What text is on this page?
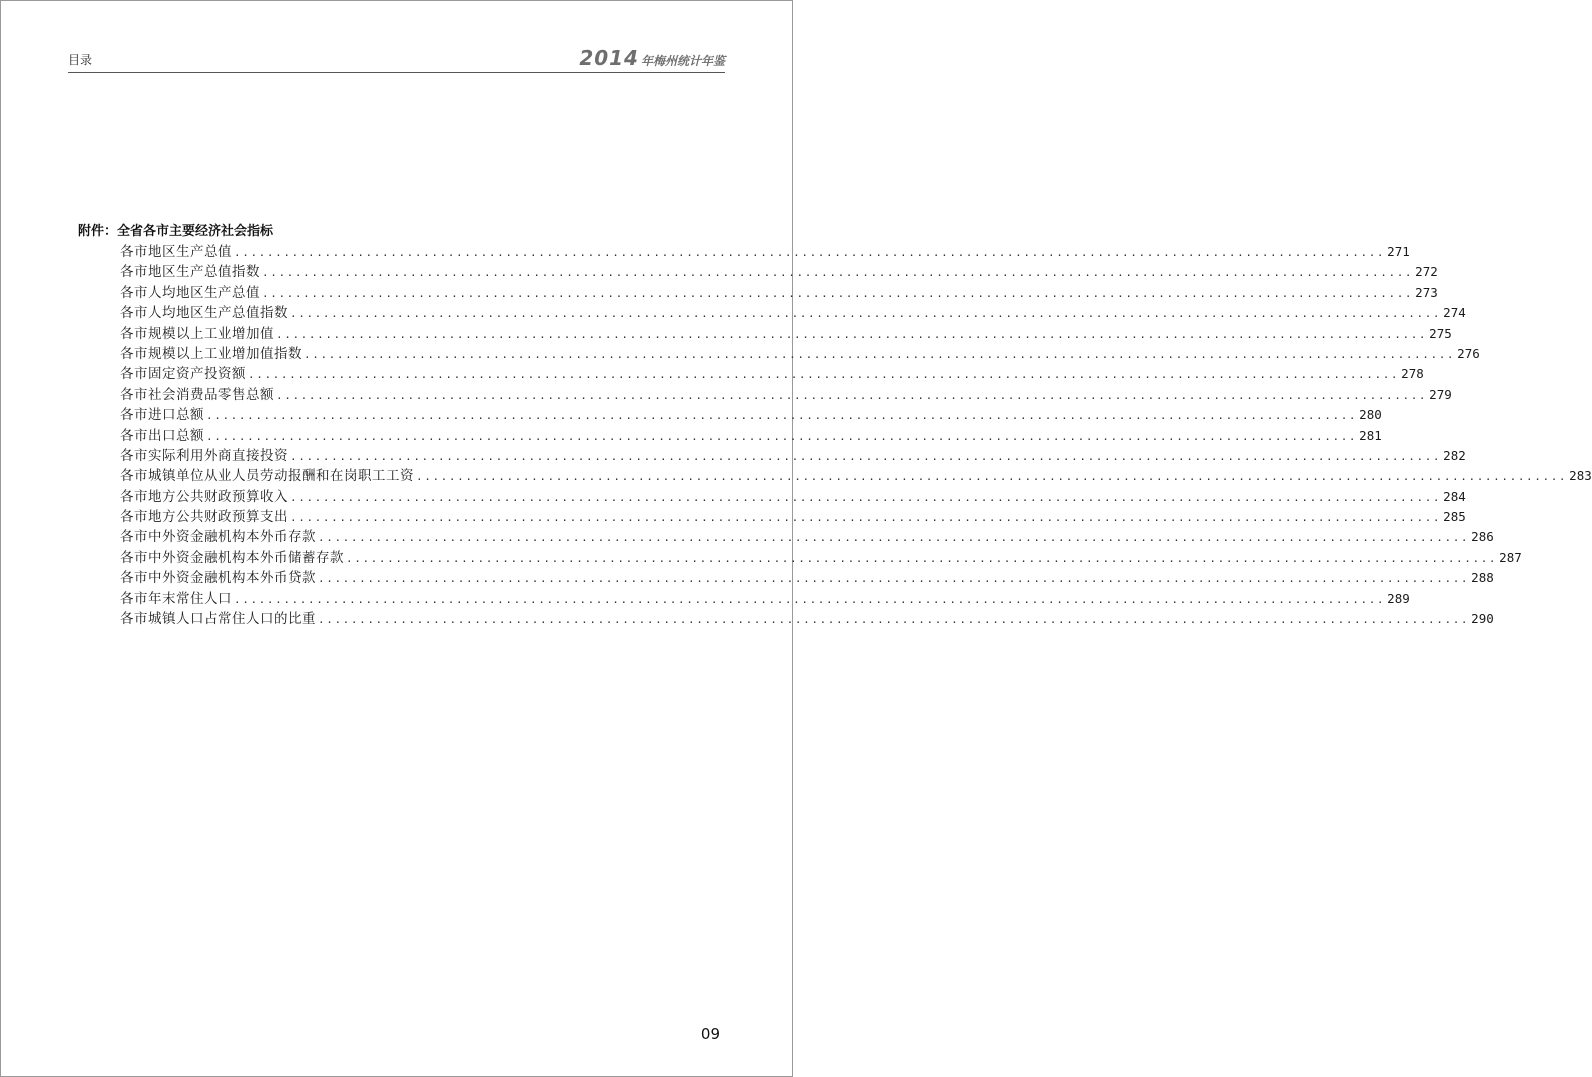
目录	2014 年梅州统计年鉴
附件：全省各市主要经济社会指标
各市地区生产总值 ............................................................................................................................................ 271
各市地区生产总值指数 ............................................................................................................................................ 272
各市人均地区生产总值 ............................................................................................................................................ 273
各市人均地区生产总值指数 ............................................................................................................................................ 274
各市规模以上工业增加值 ............................................................................................................................................ 275
各市规模以上工业增加值指数 ............................................................................................................................................ 276
各市固定资产投资额 ............................................................................................................................................ 278
各市社会消费品零售总额 ............................................................................................................................................ 279
各市进口总额 ............................................................................................................................................ 280
各市出口总额 ............................................................................................................................................ 281
各市实际利用外商直接投资 ............................................................................................................................................ 282
各市城镇单位从业人员劳动报酬和在岗职工工资 ............................................................................................................................................ 283
各市地方公共财政预算收入 ............................................................................................................................................ 284
各市地方公共财政预算支出 ............................................................................................................................................ 285
各市中外资金融机构本外币存款 ............................................................................................................................................ 286
各市中外资金融机构本外币储蓄存款 ............................................................................................................................................ 287
各市中外资金融机构本外币贷款 ............................................................................................................................................ 288
各市年末常住人口 ............................................................................................................................................ 289
各市城镇人口占常住人口的比重 ............................................................................................................................................ 290
09
